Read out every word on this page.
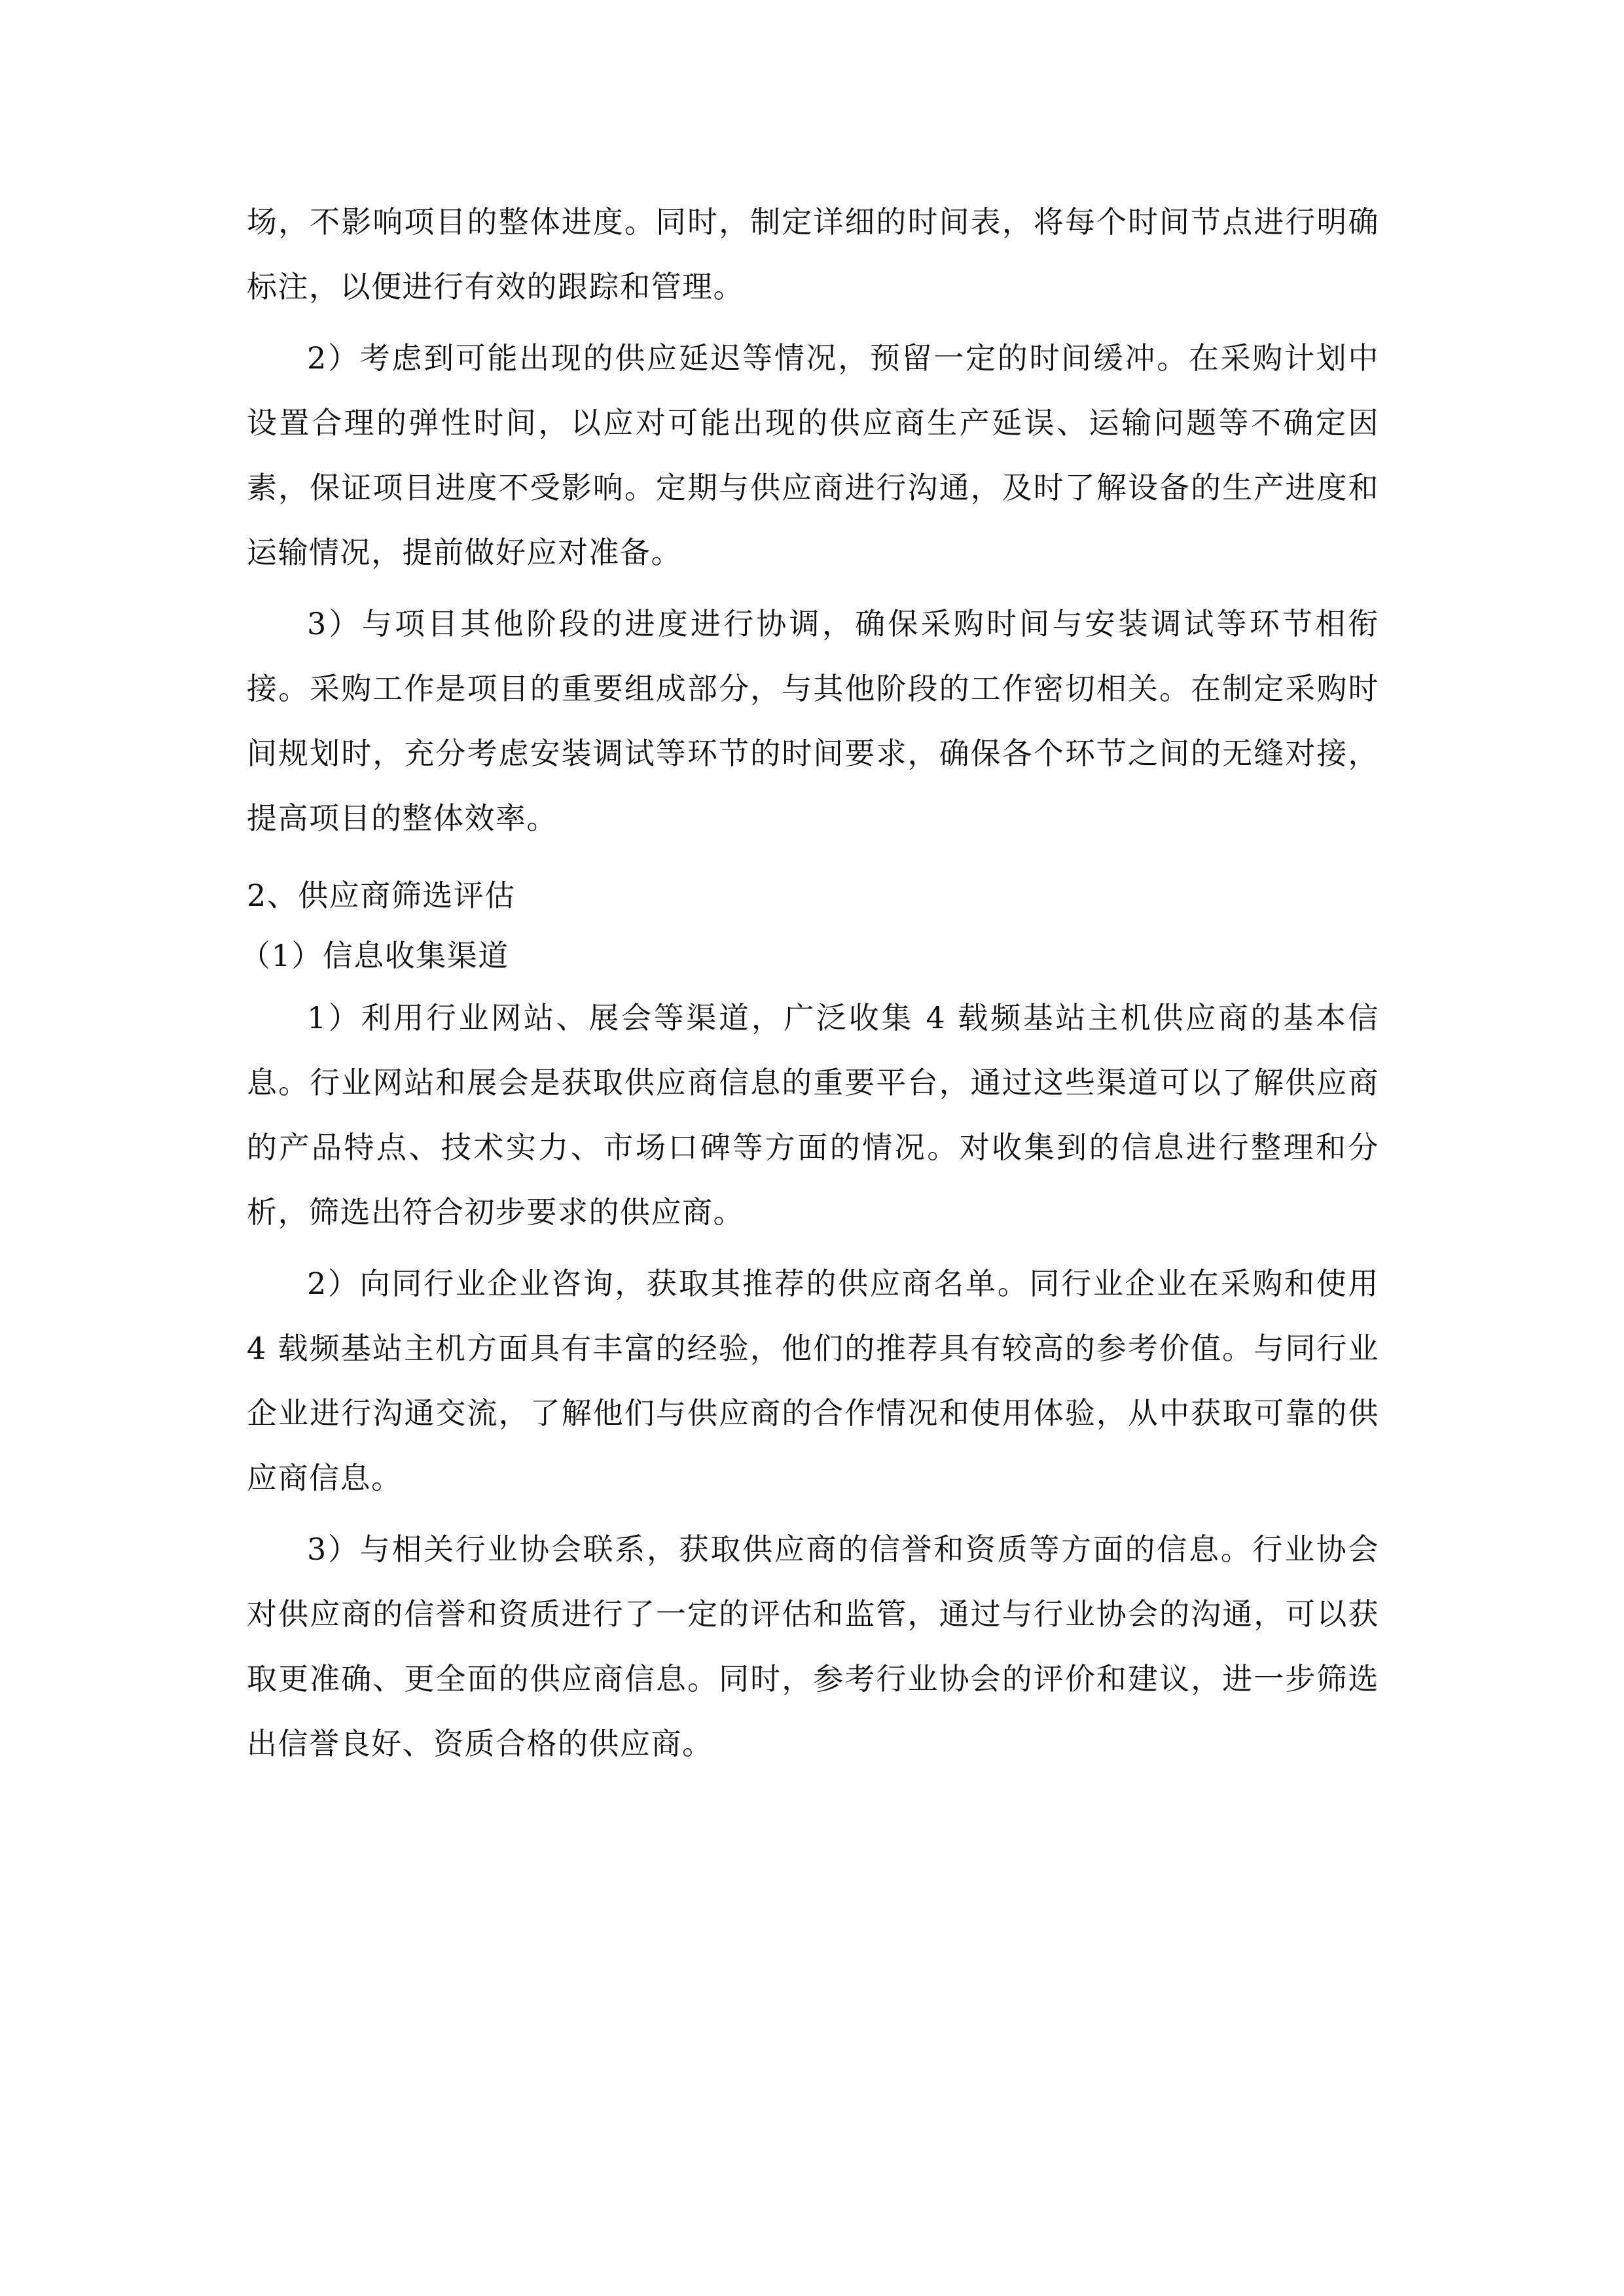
场，不影响项目的整体进度。同时，制定详细的时间表，将每个时间节点进行明确标注，以便进行有效的跟踪和管理。

2）考虑到可能出现的供应延迟等情况，预留一定的时间缓冲。在采购计划中设置合理的弹性时间，以应对可能出现的供应商生产延误、运输问题等不确定因素，保证项目进度不受影响。定期与供应商进行沟通，及时了解设备的生产进度和运输情况，提前做好应对准备。

3）与项目其他阶段的进度进行协调，确保采购时间与安装调试等环节相衔接。采购工作是项目的重要组成部分，与其他阶段的工作密切相关。在制定采购时间规划时，充分考虑安装调试等环节的时间要求，确保各个环节之间的无缝对接，提高项目的整体效率。

2、供应商筛选评估

（1）信息收集渠道

1）利用行业网站、展会等渠道，广泛收集 4 载频基站主机供应商的基本信息。行业网站和展会是获取供应商信息的重要平台，通过这些渠道可以了解供应商的产品特点、技术实力、市场口碑等方面的情况。对收集到的信息进行整理和分析，筛选出符合初步要求的供应商。

2）向同行业企业咨询，获取其推荐的供应商名单。同行业企业在采购和使用 4 载频基站主机方面具有丰富的经验，他们的推荐具有较高的参考价值。与同行业企业进行沟通交流，了解他们与供应商的合作情况和使用体验，从中获取可靠的供应商信息。

3）与相关行业协会联系，获取供应商的信誉和资质等方面的信息。行业协会对供应商的信誉和资质进行了一定的评估和监管，通过与行业协会的沟通，可以获取更准确、更全面的供应商信息。同时，参考行业协会的评价和建议，进一步筛选出信誉良好、资质合格的供应商。
